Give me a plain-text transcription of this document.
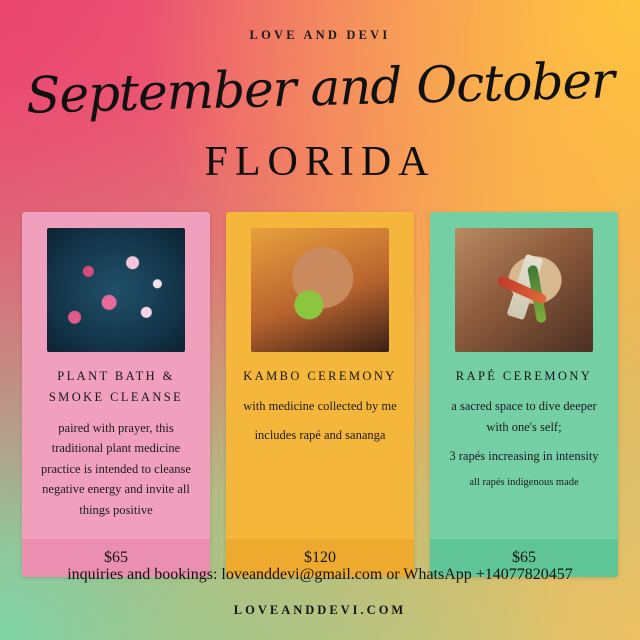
LOVE AND DEVI
September and October
FLORIDA
PLANT BATH & SMOKE CLEANSE

paired with prayer, this traditional plant medicine practice is intended to cleanse negative energy and invite all things positive

$65
KAMBO CEREMONY

with medicine collected by me

includes rapé and sananga

$120
RAPÉ CEREMONY

a sacred space to dive deeper with one's self;

3 rapés increasing in intensity

all rapés indigenous made

$65
inquiries and bookings: loveanddevi@gmail.com or WhatsApp +14077820457
LOVEANDDEVI.COM
